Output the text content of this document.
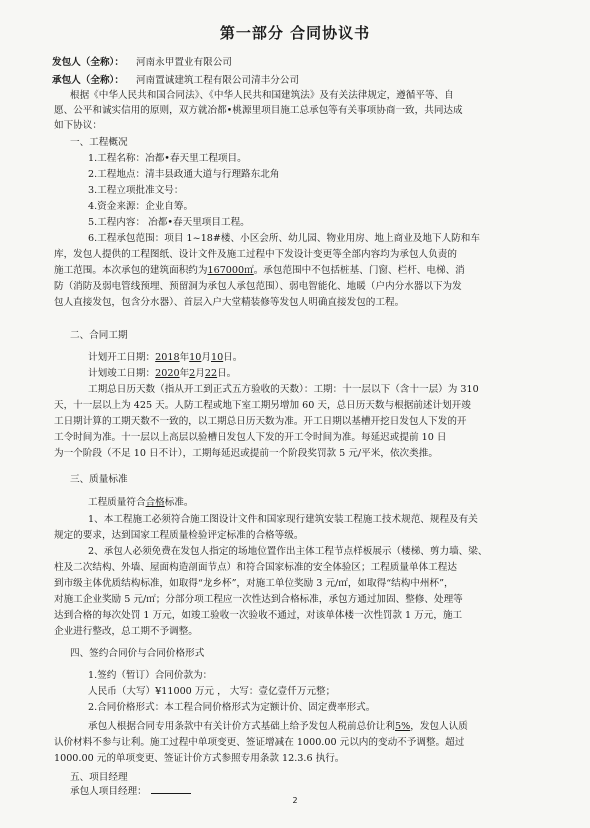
第一部分 合同协议书
发包人（全称）： 河南永甲置业有限公司
承包人（全称）： 河南置诚建筑工程有限公司清丰分公司
根据《中华人民共和国合同法》、《中华人民共和国建筑法》及有关法律规定，遵循平等、自
愿、公平和诚实信用的原则，双方就冶都•桃源里项目施工总承包等有关事项协商一致，共同达成
如下协议：
一、工程概况
1.工程名称：冶都•春天里工程项目。
2.工程地点：清丰县政通大道与行理路东北角
3.工程立项批准文号：
4.资金来源：企业自筹。
5.工程内容： 冶都•春天里项目工程。
6.工程承包范围：项目 1~18#楼、小区会所、幼儿园、物业用房、地上商业及地下人防和车
库，发包人提供的工程图纸、设计文件及施工过程中下发设计变更等全部内容均为承包人负责的
施工范围。本次承包的建筑面积约为167000㎡。承包范围中不包括桩基、门窗、栏杆、电梯、消
防（消防及弱电管线预埋、预留洞为承包人承包范围）、弱电智能化、地暖（户内分水器以下为发
包人直接发包，包含分水器）、首层入户大堂精装修等发包人明确直接发包的工程。
二、合同工期
计划开工日期：2018年10月10日。
计划竣工日期：2020年2月22日。
工期总日历天数（指从开工到正式五方验收的天数）：工期：十一层以下（含十一层）为 310
天，十一层以上为 425 天。人防工程或地下室工期另增加 60 天，总日历天数与根据前述计划开竣
工日期计算的工期天数不一致的，以工期总日历天数为准。开工日期以基槽开挖日发包人下发的开
工令时间为准。十一层以上高层以验槽日发包人下发的开工令时间为准。每延迟或提前 10 日
为一个阶段（不足 10 日不计），工期每延迟或提前一个阶段奖罚款 5 元/平米，依次类推。
三、质量标准
工程质量符合合格标准。
1、本工程施工必须符合施工图设计文件和国家现行建筑安装工程施工技术规范、规程及有关
规定的要求，达到国家工程质量检验评定标准的合格等级。
2、承包人必须免费在发包人指定的场地位置作出主体工程节点样板展示（楼梯、剪力墙、梁、
柱及二次结构、外墙、屋面构造剖面节点）和符合国家标准的安全体验区；工程质量单体工程达
到市级主体优质结构标准，如取得“龙乡杯”，对施工单位奖励 3 元/㎡，如取得“结构中州杯”，
对施工企业奖励 5 元/㎡；分部分项工程应一次性达到合格标准，承包方通过加固、整修、处理等
达到合格的每次处罚 1 万元，如竣工验收一次验收不通过，对该单体楼一次性罚款 1 万元，施工
企业进行整改，总工期不予调整。
四、签约合同价与合同价格形式
1.签约（暂订）合同价款为：
人民币（大写）¥11000 万元 ， 大写：壹亿壹仟万元整；
2.合同价格形式：本工程合同价格形式为定额计价、固定费率形式。
承包人根据合同专用条款中有关计价方式基础上给予发包人税前总价让利5%，发包人认质
认价材料不参与让利。施工过程中单项变更、签证增减在 1000.00 元以内的变动不予调整。超过
1000.00 元的单项变更、签证计价方式参照专用条款 12.3.6 执行。
五、项目经理
承包人项目经理：
2
